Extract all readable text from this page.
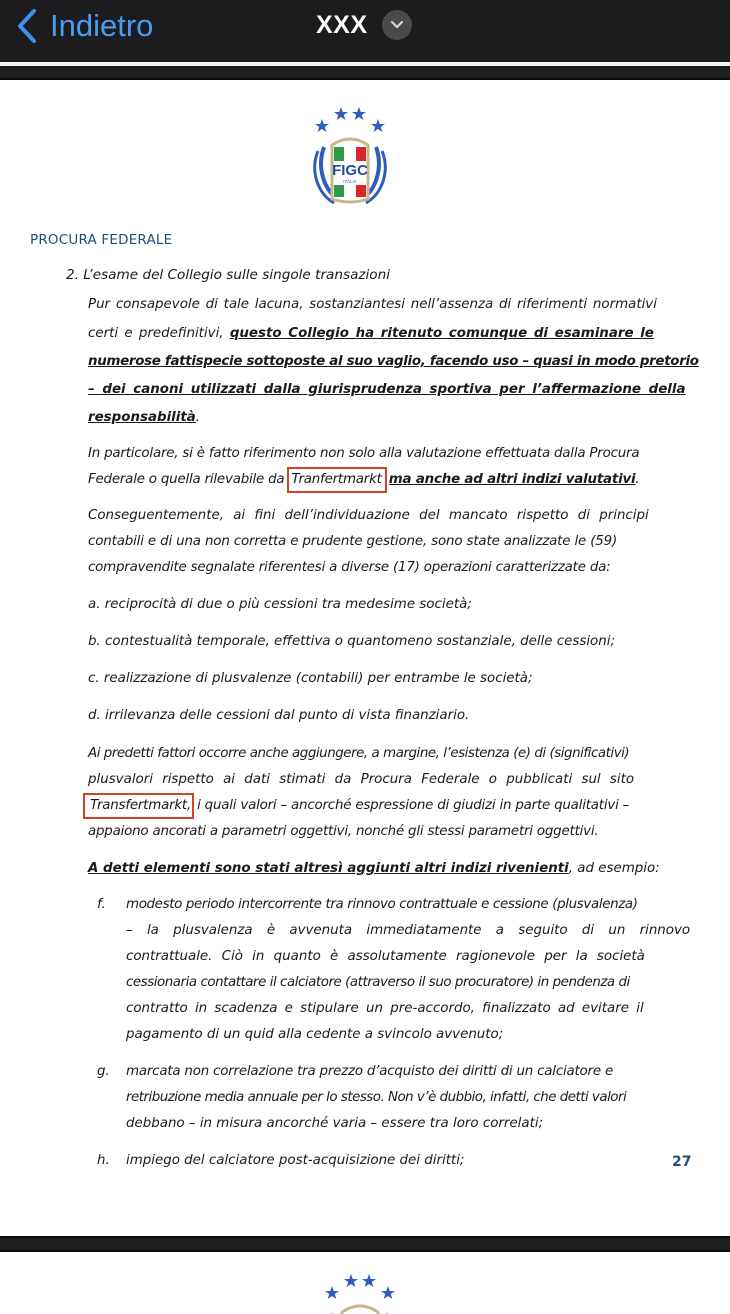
Indietro	XXX
FIGC
ITALIA
PROCURA FEDERALE
2. L’esame del Collegio sulle singole transazioni
Pur consapevole di tale lacuna, sostanziantesi nell’assenza di riferimenti normativi
certi e predefinitivi, questo Collegio ha ritenuto comunque di esaminare le
numerose fattispecie sottoposte al suo vaglio, facendo uso – quasi in modo pretorio
– dei canoni utilizzati dalla giurisprudenza sportiva per l’affermazione della
responsabilità.
In particolare, si è fatto riferimento non solo alla valutazione effettuata dalla Procura
Federale o quella rilevabile da Tranfertmarkt ma anche ad altri indizi valutativi.
Conseguentemente, ai fini dell’individuazione del mancato rispetto di principi
contabili e di una non corretta e prudente gestione, sono state analizzate le (59)
compravendite segnalate riferentesi a diverse (17) operazioni caratterizzate da:
a. reciprocità di due o più cessioni tra medesime società;
b. contestualità temporale, effettiva o quantomeno sostanziale, delle cessioni;
c. realizzazione di plusvalenze (contabili) per entrambe le società;
d. irrilevanza delle cessioni dal punto di vista finanziario.
Ai predetti fattori occorre anche aggiungere, a margine, l’esistenza (e) di (significativi)
plusvalori rispetto ai dati stimati da Procura Federale o pubblicati sul sito
Transfertmarkt, i quali valori – ancorché espressione di giudizi in parte qualitativi –
appaiono ancorati a parametri oggettivi, nonché gli stessi parametri oggettivi.
A detti elementi sono stati altresì aggiunti altri indizi rivenienti, ad esempio:
f. modesto periodo intercorrente tra rinnovo contrattuale e cessione (plusvalenza)
– la plusvalenza è avvenuta immediatamente a seguito di un rinnovo
contrattuale. Ciò in quanto è assolutamente ragionevole per la società
cessionaria contattare il calciatore (attraverso il suo procuratore) in pendenza di
contratto in scadenza e stipulare un pre-accordo, finalizzato ad evitare il
pagamento di un quid alla cedente a svincolo avvenuto;
g. marcata non correlazione tra prezzo d’acquisto dei diritti di un calciatore e
retribuzione media annuale per lo stesso. Non v’è dubbio, infatti, che detti valori
debbano – in misura ancorché varia – essere tra loro correlati;
h. impiego del calciatore post-acquisizione dei diritti;	27
